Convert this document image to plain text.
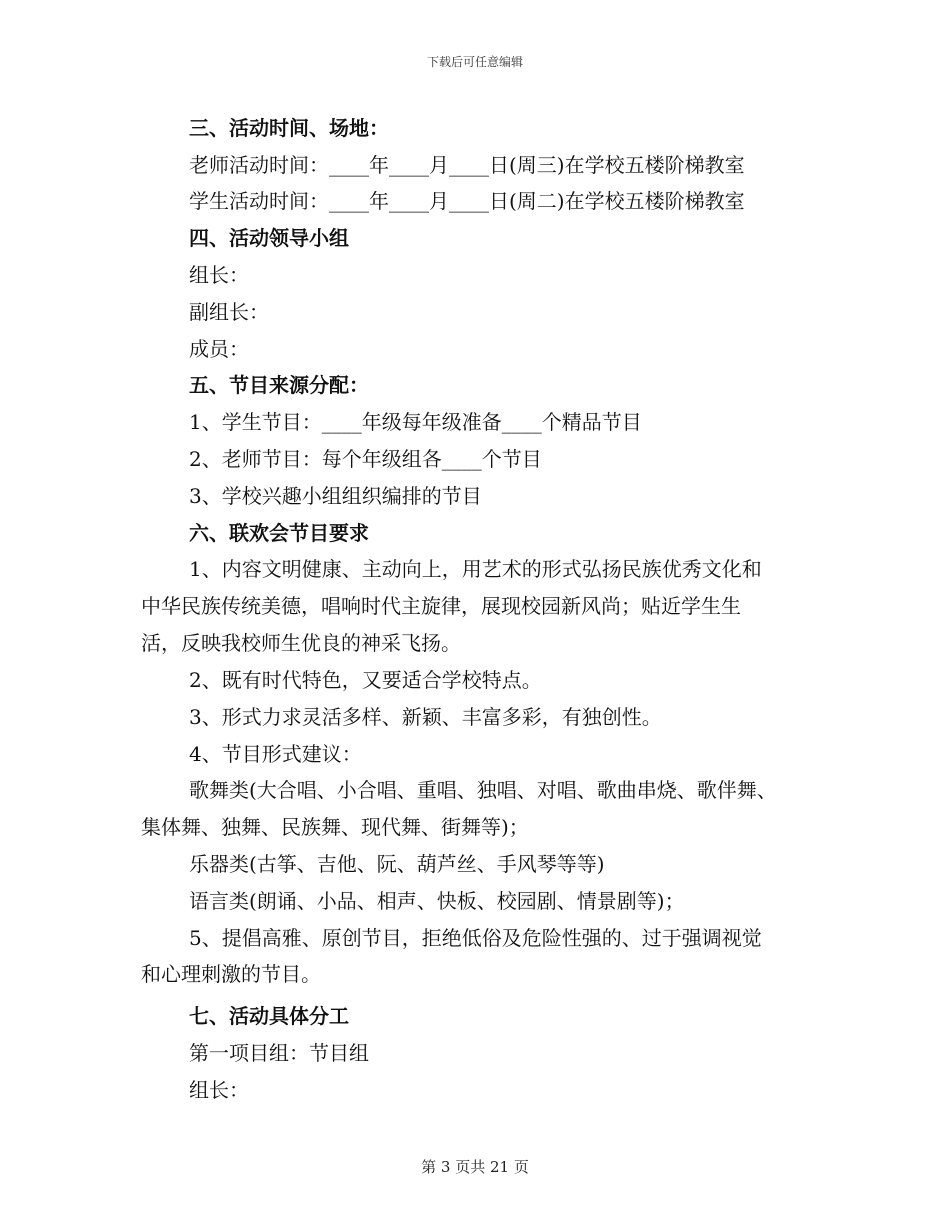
下载后可任意编辑
三、活动时间、场地：
老师活动时间：____年____月____日(周三)在学校五楼阶梯教室
学生活动时间：____年____月____日(周二)在学校五楼阶梯教室
四、活动领导小组
组长：
副组长：
成员：
五、节目来源分配：
1、学生节目：____年级每年级准备____个精品节目
2、老师节目：每个年级组各____个节目
3、学校兴趣小组组织编排的节目
六、联欢会节目要求
1、内容文明健康、主动向上，用艺术的形式弘扬民族优秀文化和
中华民族传统美德，唱响时代主旋律，展现校园新风尚；贴近学生生
活，反映我校师生优良的神采飞扬。
2、既有时代特色，又要适合学校特点。
3、形式力求灵活多样、新颖、丰富多彩，有独创性。
4、节目形式建议：
歌舞类(大合唱、小合唱、重唱、独唱、对唱、歌曲串烧、歌伴舞、
集体舞、独舞、民族舞、现代舞、街舞等)；
乐器类(古筝、吉他、阮、葫芦丝、手风琴等等)
语言类(朗诵、小品、相声、快板、校园剧、情景剧等)；
5、提倡高雅、原创节目，拒绝低俗及危险性强的、过于强调视觉
和心理刺激的节目。
七、活动具体分工
第一项目组：节目组
组长：
第 3 页共 21 页
